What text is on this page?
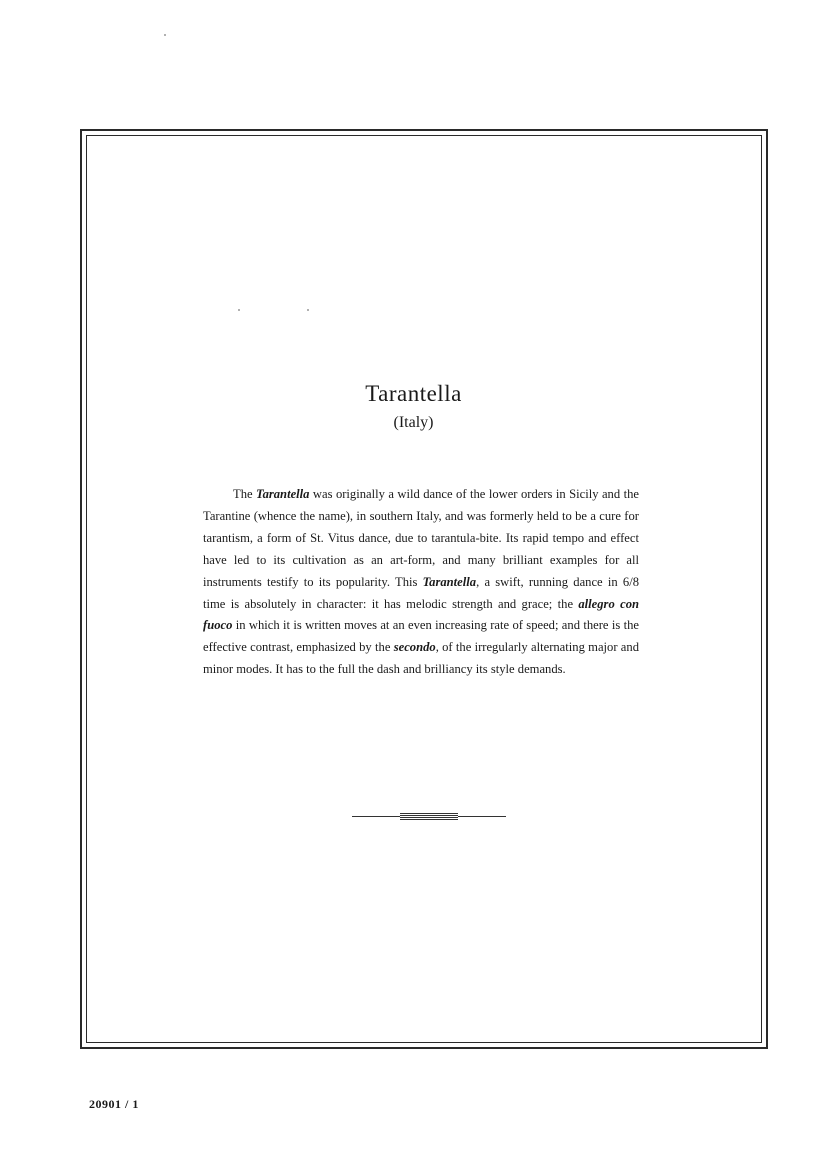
Tarantella

(Italy)

The Tarantella was originally a wild dance of the lower orders in Sicily and the Tarantine (whence the name), in southern Italy, and was formerly held to be a cure for tarantism, a form of St. Vitus dance, due to tarantula-bite. Its rapid tempo and effect have led to its cultivation as an art-form, and many brilliant examples for all instruments testify to its popularity. This Tarantella, a swift, running dance in 6/8 time is absolutely in character: it has melodic strength and grace; the allegro con fuoco in which it is written moves at an even increasing rate of speed; and there is the effective contrast, emphasized by the secondo, of the irregularly alternating major and minor modes. It has to the full the dash and brilliancy its style demands.

20901 / 1
